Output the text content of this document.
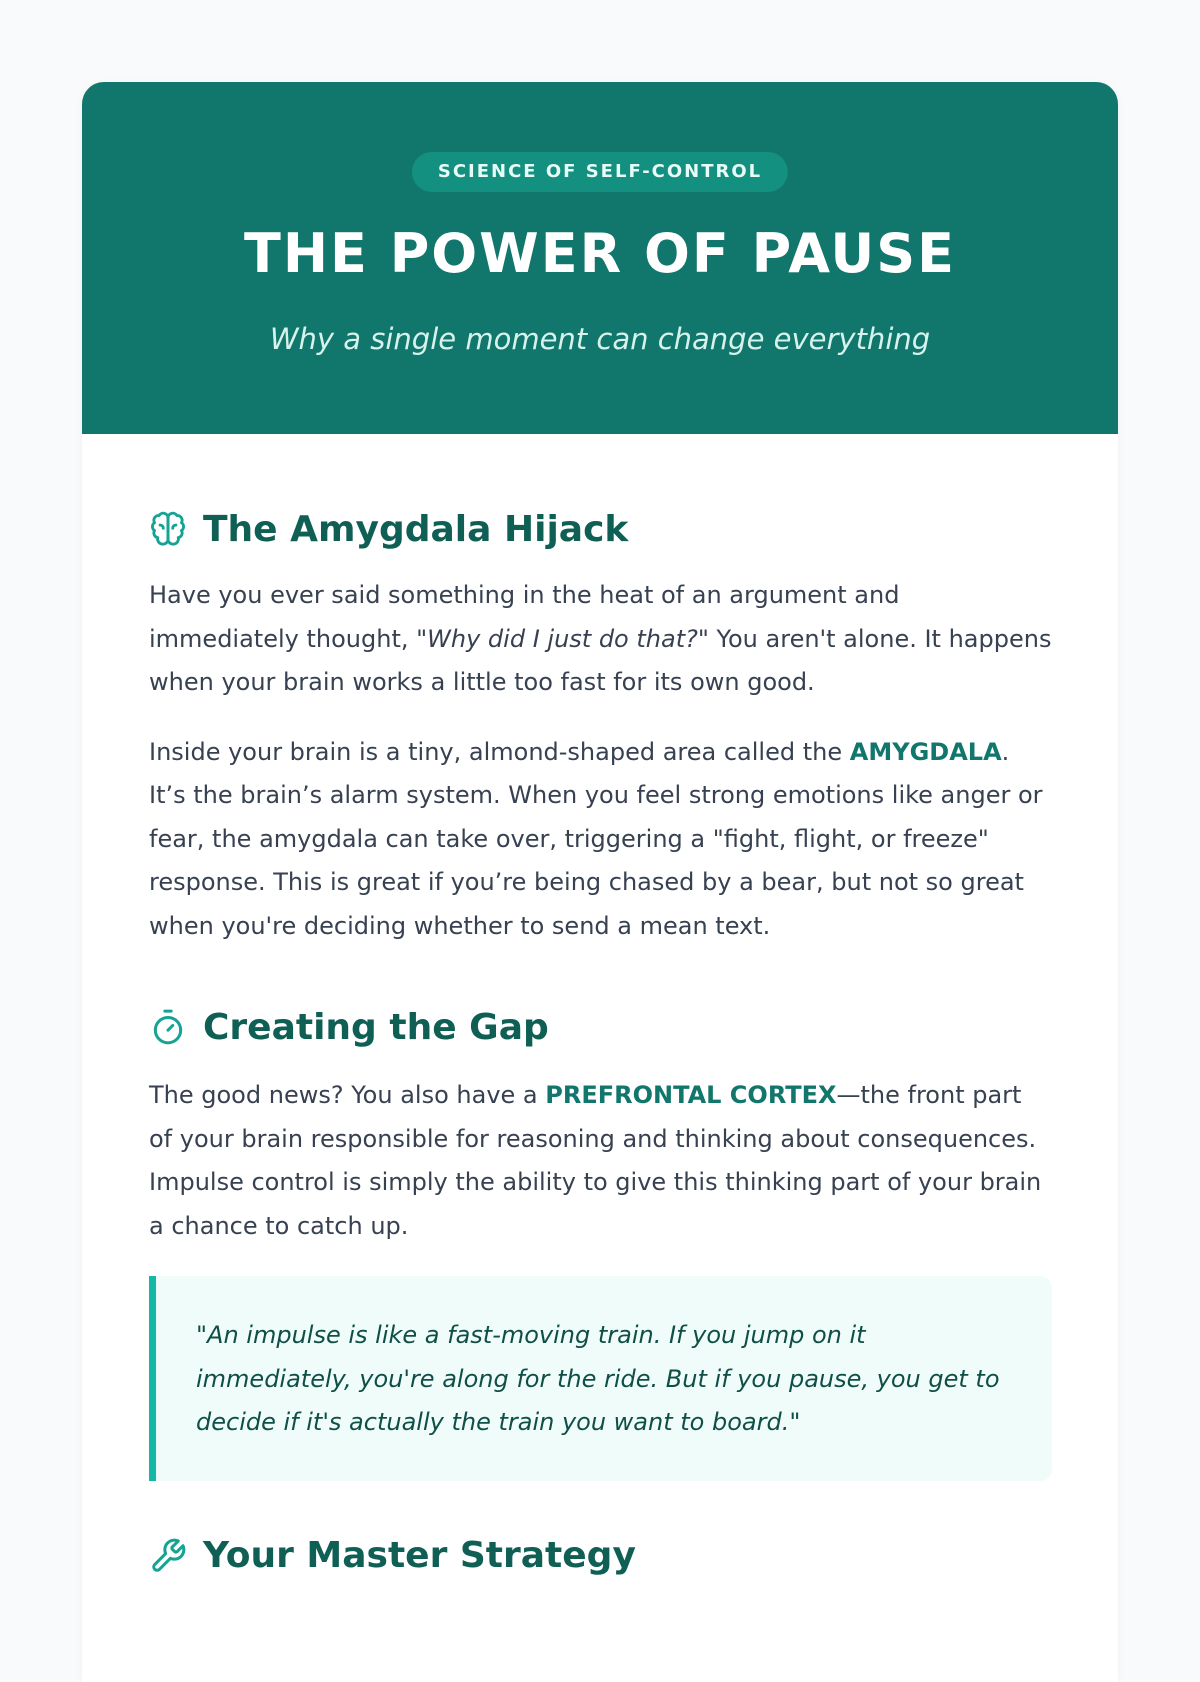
SCIENCE OF SELF-CONTROL
THE POWER OF PAUSE
Why a single moment can change everything
The Amygdala Hijack

Have you ever said something in the heat of an argument and immediately thought, "Why did I just do that?" You aren't alone. It happens when your brain works a little too fast for its own good.

Inside your brain is a tiny, almond-shaped area called the AMYGDALA. It’s the brain’s alarm system. When you feel strong emotions like anger or fear, the amygdala can take over, triggering a "fight, flight, or freeze" response. This is great if you’re being chased by a bear, but not so great when you're deciding whether to send a mean text.

Creating the Gap

The good news? You also have a PREFRONTAL CORTEX—the front part of your brain responsible for reasoning and thinking about consequences. Impulse control is simply the ability to give this thinking part of your brain a chance to catch up.

"An impulse is like a fast-moving train. If you jump on it immediately, you're along for the ride. But if you pause, you get to decide if it's actually the train you want to board."
Your Master Strategy
